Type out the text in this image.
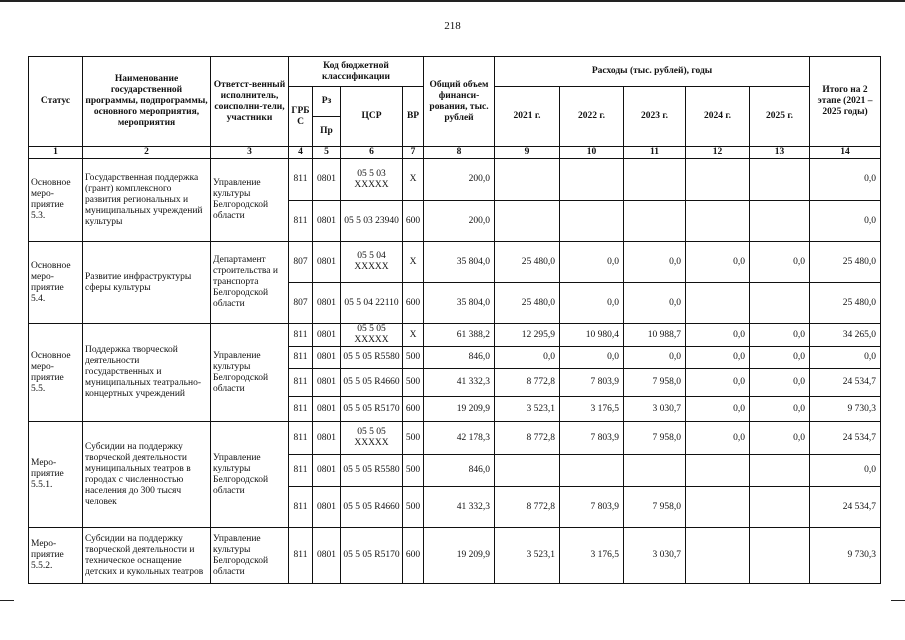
218
Статус	Наименование государственной программы, подпрограммы, основного мероприятия, мероприятия	Ответст-венный исполнитель, соисполни-тели, участники	Код бюджетной классификации				Общий объем финанси-рования, тыс. рублей	Расходы (тыс. рублей), годы					Итого на 2 этапе (2021 – 2025 годы)
			ГРБ С	Рз	ЦСР	ВР		2021 г.	2022 г.	2023 г.	2024 г.	2025 г.	
				Пр									
1	2	3	4	5	6	7	8	9	10	11	12	13	14
Основное меро-приятие 5.3.	Государственная поддержка (грант) комплексного развития региональных и муниципальных учреждений культуры	Управление культуры Белгородской области	811	0801	05 5 03 XXXXX	X	200,0						0,0
			811	0801	05 5 03 23940	600	200,0						0,0
Основное меро-приятие 5.4.	Развитие инфраструктуры сферы культуры	Департамент строительства и транспорта Белгородской области	807	0801	05 5 04 XXXXX	X	35 804,0	25 480,0	0,0	0,0	0,0	0,0	25 480,0
			807	0801	05 5 04 22110	600	35 804,0	25 480,0	0,0	0,0			25 480,0
Основное меро-приятие 5.5.	Поддержка творческой деятельности государственных и муниципальных театрально-концертных учреждений	Управление культуры Белгородской области	811	0801	05 5 05 XXXXX	X	61 388,2	12 295,9	10 980,4	10 988,7	0,0	0,0	34 265,0
			811	0801	05 5 05 R5580	500	846,0	0,0	0,0	0,0	0,0	0,0	0,0
			811	0801	05 5 05 R4660	500	41 332,3	8 772,8	7 803,9	7 958,0	0,0	0,0	24 534,7
			811	0801	05 5 05 R5170	600	19 209,9	3 523,1	3 176,5	3 030,7	0,0	0,0	9 730,3
Меро-приятие 5.5.1.	Субсидии на поддержку творческой деятельности муниципальных театров в городах с численностью населения до 300 тысяч человек	Управление культуры Белгородской области	811	0801	05 5 05 XXXXX	500	42 178,3	8 772,8	7 803,9	7 958,0	0,0	0,0	24 534,7
			811	0801	05 5 05 R5580	500	846,0						0,0
			811	0801	05 5 05 R4660	500	41 332,3	8 772,8	7 803,9	7 958,0			24 534,7
Меро-приятие 5.5.2.	Субсидии на поддержку творческой деятельности и техническое оснащение детских и кукольных театров	Управление культуры Белгородской области	811	0801	05 5 05 R5170	600	19 209,9	3 523,1	3 176,5	3 030,7			9 730,3
